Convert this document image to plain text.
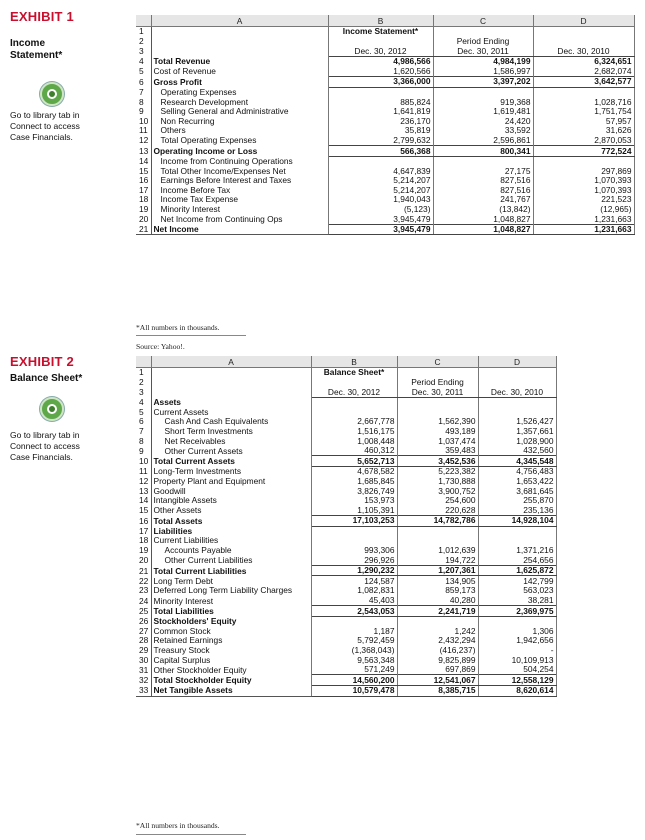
EXHIBIT 1
Income
Statement*
Go to library tab in
Connect to access
Case Financials.
	A	B	C	D
1		Income Statement*		
2			Period Ending	
3		Dec. 30, 2012	Dec. 30, 2011	Dec. 30, 2010
4	Total Revenue	4,986,566	4,984,199	6,324,651
5	Cost of Revenue	1,620,566	1,586,997	2,682,074
6	Gross Profit	3,366,000	3,397,202	3,642,577
7	Operating Expenses			
8	Research Development	885,824	919,368	1,028,716
9	Selling General and Administrative	1,641,819	1,619,481	1,751,754
10	Non Recurring	236,170	24,420	57,957
11	Others	35,819	33,592	31,626
12	Total Operating Expenses	2,799,632	2,596,861	2,870,053
13	Operating Income or Loss	566,368	800,341	772,524
14	Income from Continuing Operations			
15	Total Other Income/Expenses Net	4,647,839	27,175	297,869
16	Earnings Before Interest and Taxes	5,214,207	827,516	1,070,393
17	Income Before Tax	5,214,207	827,516	1,070,393
18	Income Tax Expense	1,940,043	241,767	221,523
19	Minority Interest	(5,123)	(13,842)	(12,965)
20	Net Income from Continuing Ops	3,945,479	1,048,827	1,231,663
21	Net Income	3,945,479	1,048,827	1,231,663
*All numbers in thousands.
Source: Yahoo!.
EXHIBIT 2
Balance Sheet*
Go to library tab in
Connect to access
Case Financials.
	A	B	C	D
1		Balance Sheet*		
2			Period Ending	
3		Dec. 30, 2012	Dec. 30, 2011	Dec. 30, 2010
4	Assets			
5	Current Assets			
6	Cash And Cash Equivalents	2,667,778	1,562,390	1,526,427
7	Short Term Investments	1,516,175	493,189	1,357,661
8	Net Receivables	1,008,448	1,037,474	1,028,900
9	Other Current Assets	460,312	359,483	432,560
10	Total Current Assets	5,652,713	3,452,536	4,345,548
11	Long-Term Investments	4,678,582	5,223,382	4,756,483
12	Property Plant and Equipment	1,685,845	1,730,888	1,653,422
13	Goodwill	3,826,749	3,900,752	3,681,645
14	Intangible Assets	153,973	254,600	255,870
15	Other Assets	1,105,391	220,628	235,136
16	Total Assets	17,103,253	14,782,786	14,928,104
17	Liabilities			
18	Current Liabilities			
19	Accounts Payable	993,306	1,012,639	1,371,216
20	Other Current Liabilities	296,926	194,722	254,656
21	Total Current Liabilities	1,290,232	1,207,361	1,625,872
22	Long Term Debt	124,587	134,905	142,799
23	Deferred Long Term Liability Charges	1,082,831	859,173	563,023
24	Minority Interest	45,403	40,280	38,281
25	Total Liabilities	2,543,053	2,241,719	2,369,975
26	Stockholders' Equity			
27	Common Stock	1,187	1,242	1,306
28	Retained Earnings	5,792,459	2,432,294	1,942,656
29	Treasury Stock	(1,368,043)	(416,237)	-
30	Capital Surplus	9,563,348	9,825,899	10,109,913
31	Other Stockholder Equity	571,249	697,869	504,254
32	Total Stockholder Equity	14,560,200	12,541,067	12,558,129
33	Net Tangible Assets	10,579,478	8,385,715	8,620,614
*All numbers in thousands.
